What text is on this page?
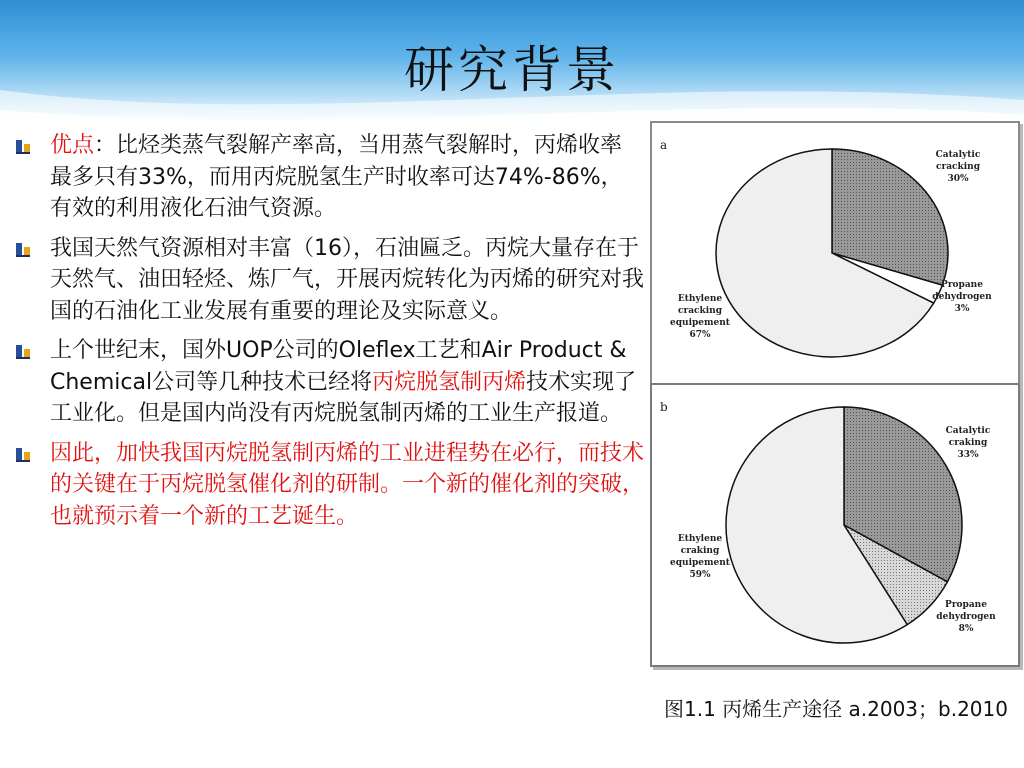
研究背景
优点：比烃类蒸气裂解产率高，当用蒸气裂解时，丙烯收率最多只有33%，而用丙烷脱氢生产时收率可达74%-86%，有效的利用液化石油气资源。
我国天然气资源相对丰富（16），石油匾乏。丙烷大量存在于天然气、油田轻烃、炼厂气，开展丙烷转化为丙烯的研究对我国的石油化工业发展有重要的理论及实际意义。
上个世纪末，国外UOP公司的Oleflex工艺和Air Product & Chemical公司等几种技术已经将丙烷脱氢制丙烯技术实现了工业化。但是国内尚没有丙烷脱氢制丙烯的工业生产报道。
因此，加快我国丙烷脱氢制丙烯的工业进程势在必行，而技术的关键在于丙烷脱氢催化剂的研制。一个新的催化剂的突破，也就预示着一个新的工艺诞生。
a
Catalytic cracking 30%
Propane dehydrogen 3%
Ethylene cracking equipement 67%
b
Catalytic craking 33%
Propane dehydrogen 8%
Ethylene craking equipement 59%
图1.1 丙烯生产途径 a.2003；b.2010
